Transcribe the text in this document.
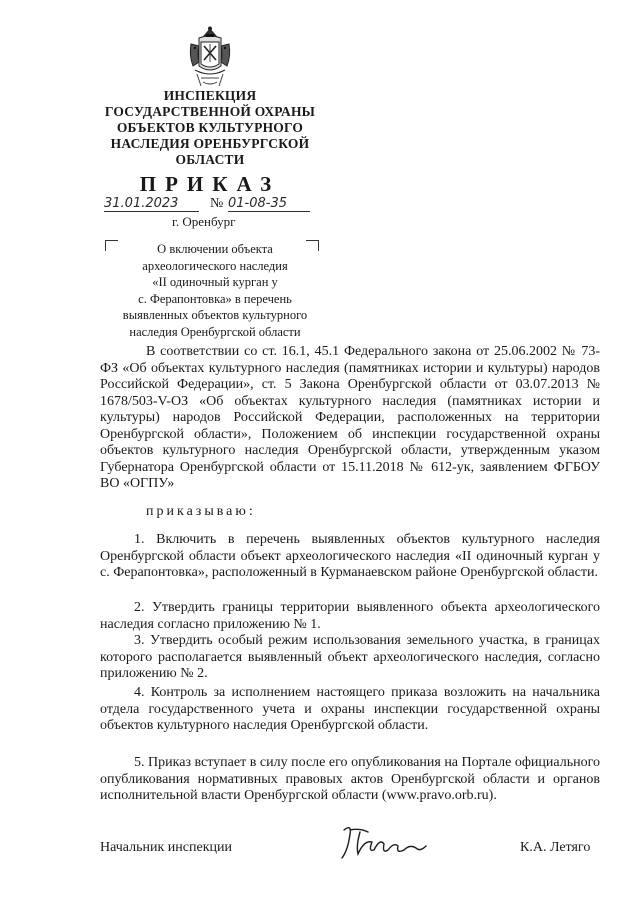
ИНСПЕКЦИЯ
ГОСУДАРСТВЕННОЙ ОХРАНЫ
ОБЪЕКТОВ КУЛЬТУРНОГО
НАСЛЕДИЯ ОРЕНБУРГСКОЙ
ОБЛАСТИ
ПРИКАЗ
31.01.2023	№ 01-08-35
г. Оренбург
О включении объекта
археологического наследия
«II одиночный курган у
с. Ферапонтовка» в перечень
выявленных объектов культурного
наследия Оренбургской области
В соответствии со ст. 16.1, 45.1 Федерального закона от 25.06.2002 № 73-ФЗ «Об объектах культурного наследия (памятниках истории и культуры) народов Российской Федерации», ст. 5 Закона Оренбургской области от 03.07.2013 № 1678/503-V-ОЗ «Об объектах культурного наследия (памятниках истории и культуры) народов Российской Федерации, расположенных на территории Оренбургской области», Положением об инспекции государственной охраны объектов культурного наследия Оренбургской области, утвержденным указом Губернатора Оренбургской области от 15.11.2018 № 612-ук, заявлением ФГБОУ ВО «ОГПУ»
приказываю:
1. Включить в перечень выявленных объектов культурного наследия Оренбургской области объект археологического наследия «II одиночный курган у с. Ферапонтовка», расположенный в Курманаевском районе Оренбургской области.
2. Утвердить границы территории выявленного объекта археологического наследия согласно приложению № 1.
3. Утвердить особый режим использования земельного участка, в границах которого располагается выявленный объект археологического наследия, согласно приложению № 2.
4. Контроль за исполнением настоящего приказа возложить на начальника отдела государственного учета и охраны инспекции государственной охраны объектов культурного наследия Оренбургской области.
5. Приказ вступает в силу после его опубликования на Портале официального опубликования нормативных правовых актов Оренбургской области и органов исполнительной власти Оренбургской области (www.pravo.orb.ru).
Начальник инспекции	К.А. Летяго
